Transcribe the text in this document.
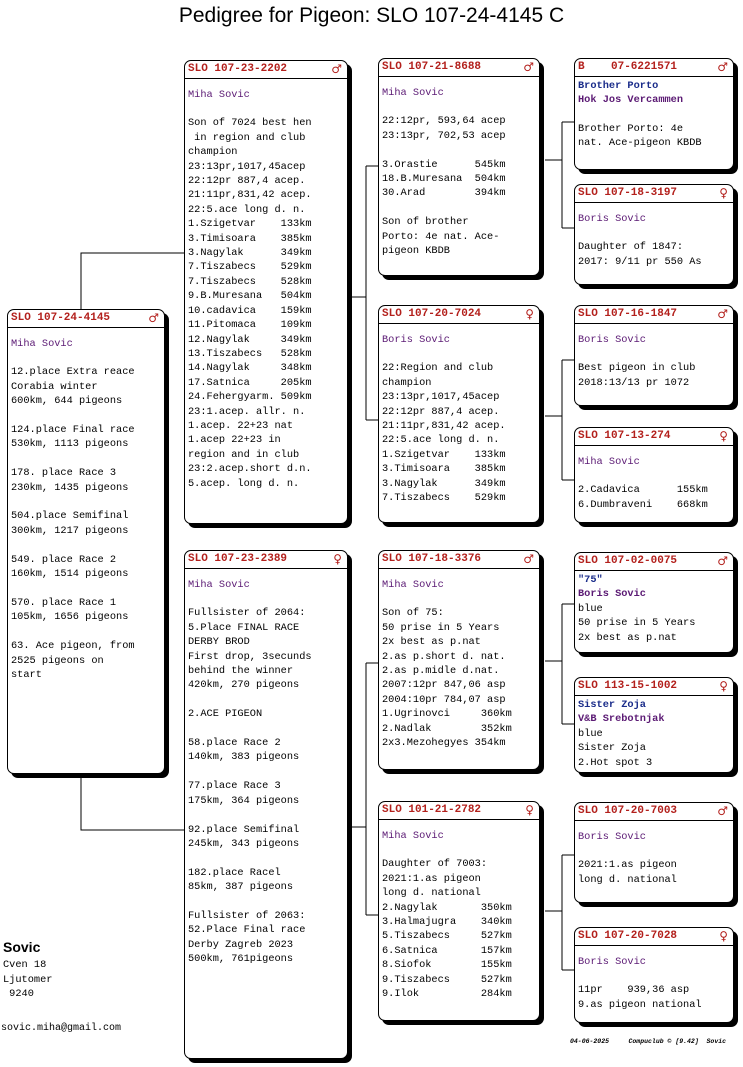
Pedigree for Pigeon: SLO 107-24-4145 C
SLO 107-24-4145	♂
Miha Sovic
12.place Extra reace
Corabia winter
600km, 644 pigeons

124.place Final race
530km, 1113 pigeons

178. place Race 3
230km, 1435 pigeons

504.place Semifinal
300km, 1217 pigeons

549. place Race 2
160km, 1514 pigeons

570. place Race 1
105km, 1656 pigeons

63. Ace pigeon, from
2525 pigeons on
start
SLO 107-23-2202	♂
Miha Sovic
Son of 7024 best hen
in region and club
champion
23:13pr,1017,45acep
22:12pr 887,4 acep.
21:11pr,831,42 acep.
22:5.ace long d. n.
1.Szigetvar    133km
3.Timisoara    385km
3.Nagylak      349km
7.Tiszabecs    529km
7.Tiszabecs    528km
9.B.Muresana   504km
10.cadavica    159km
11.Pitomaca    109km
12.Nagylak     349km
13.Tiszabecs   528km
14.Nagylak     348km
17.Satnica     205km
24.Fehergyarm. 509km
23:1.acep. allr. n.
1.acep. 22+23 nat
1.acep 22+23 in
region and in club
23:2.acep.short d.n.
5.acep. long d. n.
SLO 107-23-2389	♀
Miha Sovic
Fullsister of 2064:
5.Place FINAL RACE
DERBY BROD
First drop, 3secunds
behind the winner
420km, 270 pigeons

2.ACE PIGEON

58.place Race 2
140km, 383 pigeons

77.place Race 3
175km, 364 pigeons

92.place Semifinal
245km, 343 pigeons

182.place Racel
85km, 387 pigeons

Fullsister of 2063:
52.Place Final race
Derby Zagreb 2023
500km, 761pigeons
SLO 107-21-8688	♂
Miha Sovic
22:12pr, 593,64 acep
23:13pr, 702,53 acep

3.Orastie      545km
18.B.Muresana  504km
30.Arad        394km

Son of brother
Porto: 4e nat. Ace-
pigeon KBDB
SLO 107-20-7024	♀
Boris Sovic
22:Region and club
champion
23:13pr,1017,45acep
22:12pr 887,4 acep.
21:11pr,831,42 acep.
22:5.ace long d. n.
1.Szigetvar    133km
3.Timisoara    385km
3.Nagylak      349km
7.Tiszabecs    529km
SLO 107-18-3376	♂
Miha Sovic
Son of 75:
50 prise in 5 Years
2x best as p.nat
2.as p.short d. nat.
2.as p.midle d.nat.
2007:12pr 847,06 asp
2004:10pr 784,07 asp
1.Ugrinovci     360km
2.Nadlak        352km
2x3.Mezohegyes 354km
SLO 101-21-2782	♀
Miha Sovic
Daughter of 7003:
2021:1.as pigeon
long d. national
2.Nagylak       350km
3.Halmajugra    340km
5.Tiszabecs     527km
6.Satnica       157km
8.Siofok        155km
9.Tiszabecs     527km
9.Ilok          284km
B    07-6221571	♂
Brother Porto
Hok Jos Vercammen
Brother Porto: 4e
nat. Ace-pigeon KBDB
SLO 107-18-3197	♀
Boris Sovic
Daughter of 1847:
2017: 9/11 pr 550 As
SLO 107-16-1847	♂
Boris Sovic
Best pigeon in club
2018:13/13 pr 1072
SLO 107-13-274	♀
Miha Sovic
2.Cadavica      155km
6.Dumbraveni    668km
SLO 107-02-0075	♂
"75"
Boris Sovic
blue
50 prise in 5 Years
2x best as p.nat
SLO 113-15-1002	♀
Sister Zoja
V&B Srebotnjak
blue
Sister Zoja
2.Hot spot 3
SLO 107-20-7003	♂
Boris Sovic
2021:1.as pigeon
long d. national
SLO 107-20-7028	♀
Boris Sovic
11pr    939,36 asp
9.as pigeon national
Sovic
Cven 18
Ljutomer
9240
sovic.miha@gmail.com
04-06-2025     Compuclub © [9.42]  Sovic
